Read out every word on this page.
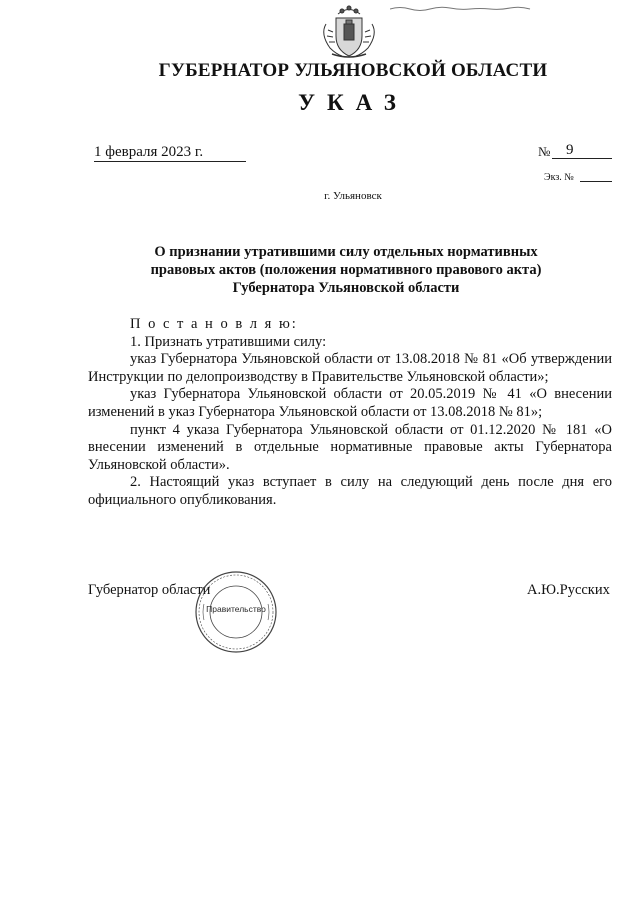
ГУБЕРНАТОР УЛЬЯНОВСКОЙ ОБЛАСТИ
УКАЗ
1 февраля 2023 г.	№ 9
Экз. №
г. Ульяновск
О признании утратившими силу отдельных нормативных
правовых актов (положения нормативного правового акта)
Губернатора Ульяновской области

П о с т а н о в л я ю:

1. Признать утратившими силу:

указ Губернатора Ульяновской области от 13.08.2018 № 81 «Об утверждении Инструкции по делопроизводству в Правительстве Ульяновской области»;

указ Губернатора Ульяновской области от 20.05.2019 № 41 «О внесении изменений в указ Губернатора Ульяновской области от 13.08.2018 № 81»;

пункт 4 указа Губернатора Ульяновской области от 01.12.2020 № 181 «О внесении изменений в отдельные нормативные правовые акты Губернатора Ульяновской области».

2. Настоящий указ вступает в силу на следующий день после дня его официального опубликования.

Губернатор области	А.Ю.Русских
Правительство
